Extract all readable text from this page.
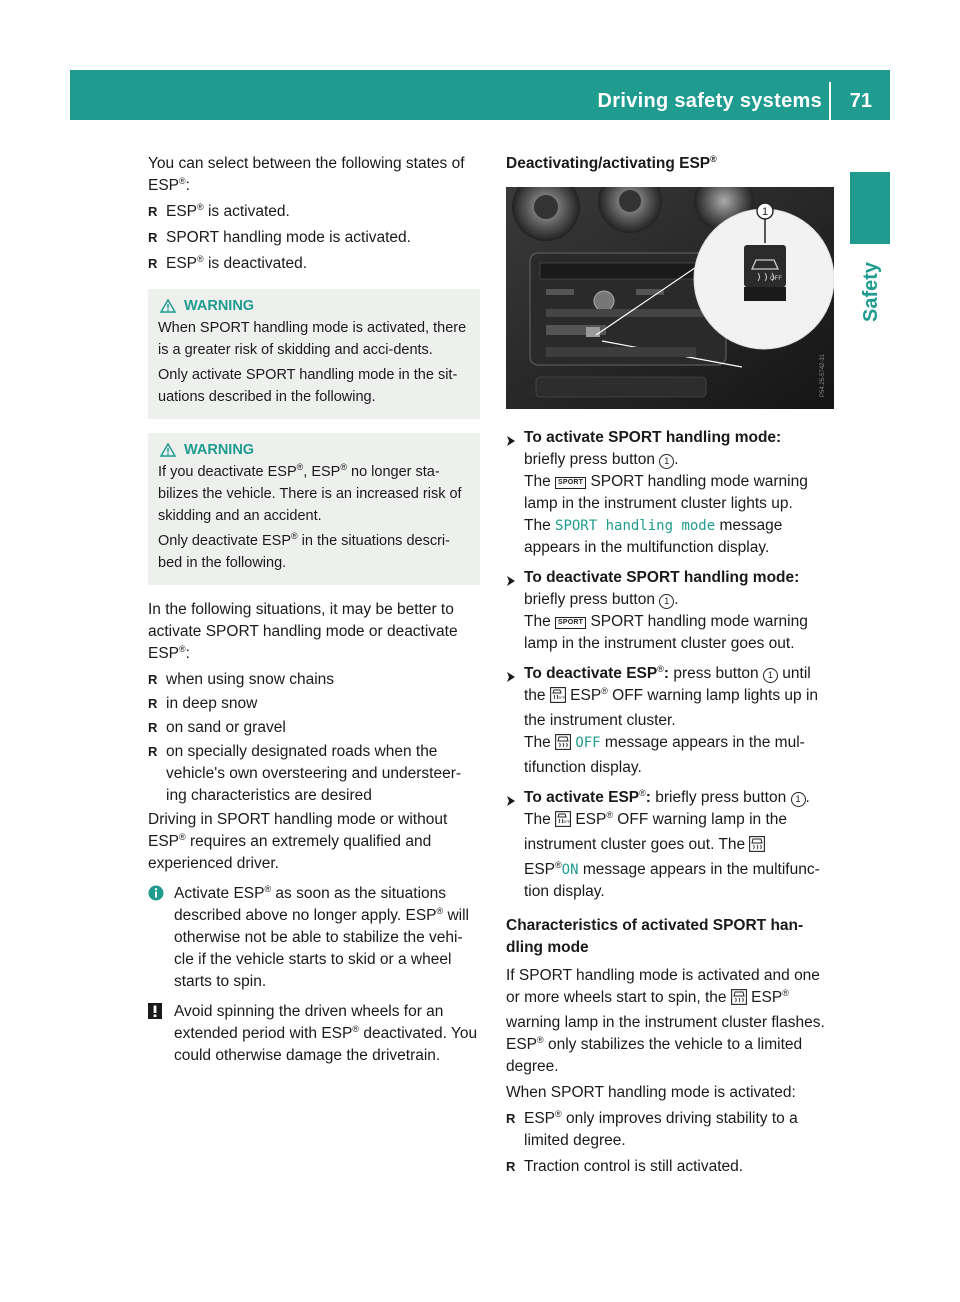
Driving safety systems 71
Safety

You can select between the following states of ESP®:

R ESP® is activated.
R SPORT handling mode is activated.
R ESP® is deactivated.
WARNING

When SPORT handling mode is activated, there is a greater risk of skidding and acci-dents.

Only activate SPORT handling mode in the sit-uations described in the following.

WARNING

If you deactivate ESP®, ESP® no longer sta-bilizes the vehicle. There is an increased risk of skidding and an accident.

Only deactivate ESP® in the situations descri-bed in the following.

In the following situations, it may be better to activate SPORT handling mode or deactivate ESP®:

R when using snow chains
R in deep snow
R on sand or gravel
R on specially designated roads when the vehicle's own oversteering and understeer-ing characteristics are desired

Driving in SPORT handling mode or without ESP® requires an extremely qualified and experienced driver.

Activate ESP® as soon as the situations described above no longer apply. ESP® will otherwise not be able to stabilize the vehi-cle if the vehicle starts to skid or a wheel starts to spin.
Avoid spinning the driven wheels for an extended period with ESP® deactivated. You could otherwise damage the drivetrain.
Deactivating/activating ESP®
1
OFF
P54.25-5742-31
To activate SPORT handling mode:
briefly press button 1 .
The SPORT SPORT handling mode warning lamp in the instrument cluster lights up.
The SPORT handling mode message appears in the multifunction display.
To deactivate SPORT handling mode:
briefly press button 1 .
The SPORT SPORT handling mode warning lamp in the instrument cluster goes out.
To deactivate ESP®: press button 1 until the OFF ESP® OFF warning lamp lights up in the instrument cluster.
The  OFF message appears in the mul-tifunction display.
To activate ESP®: briefly press button 1 .
The OFF ESP® OFF warning lamp in the instrument cluster goes out. The
ESP®ON message appears in the multifunc-tion display.
Characteristics of activated SPORT han-dling mode

If SPORT handling mode is activated and one or more wheels start to spin, the  ESP® warning lamp in the instrument cluster flashes. ESP® only stabilizes the vehicle to a limited degree.

When SPORT handling mode is activated:

R ESP® only improves driving stability to a limited degree.
R Traction control is still activated.
